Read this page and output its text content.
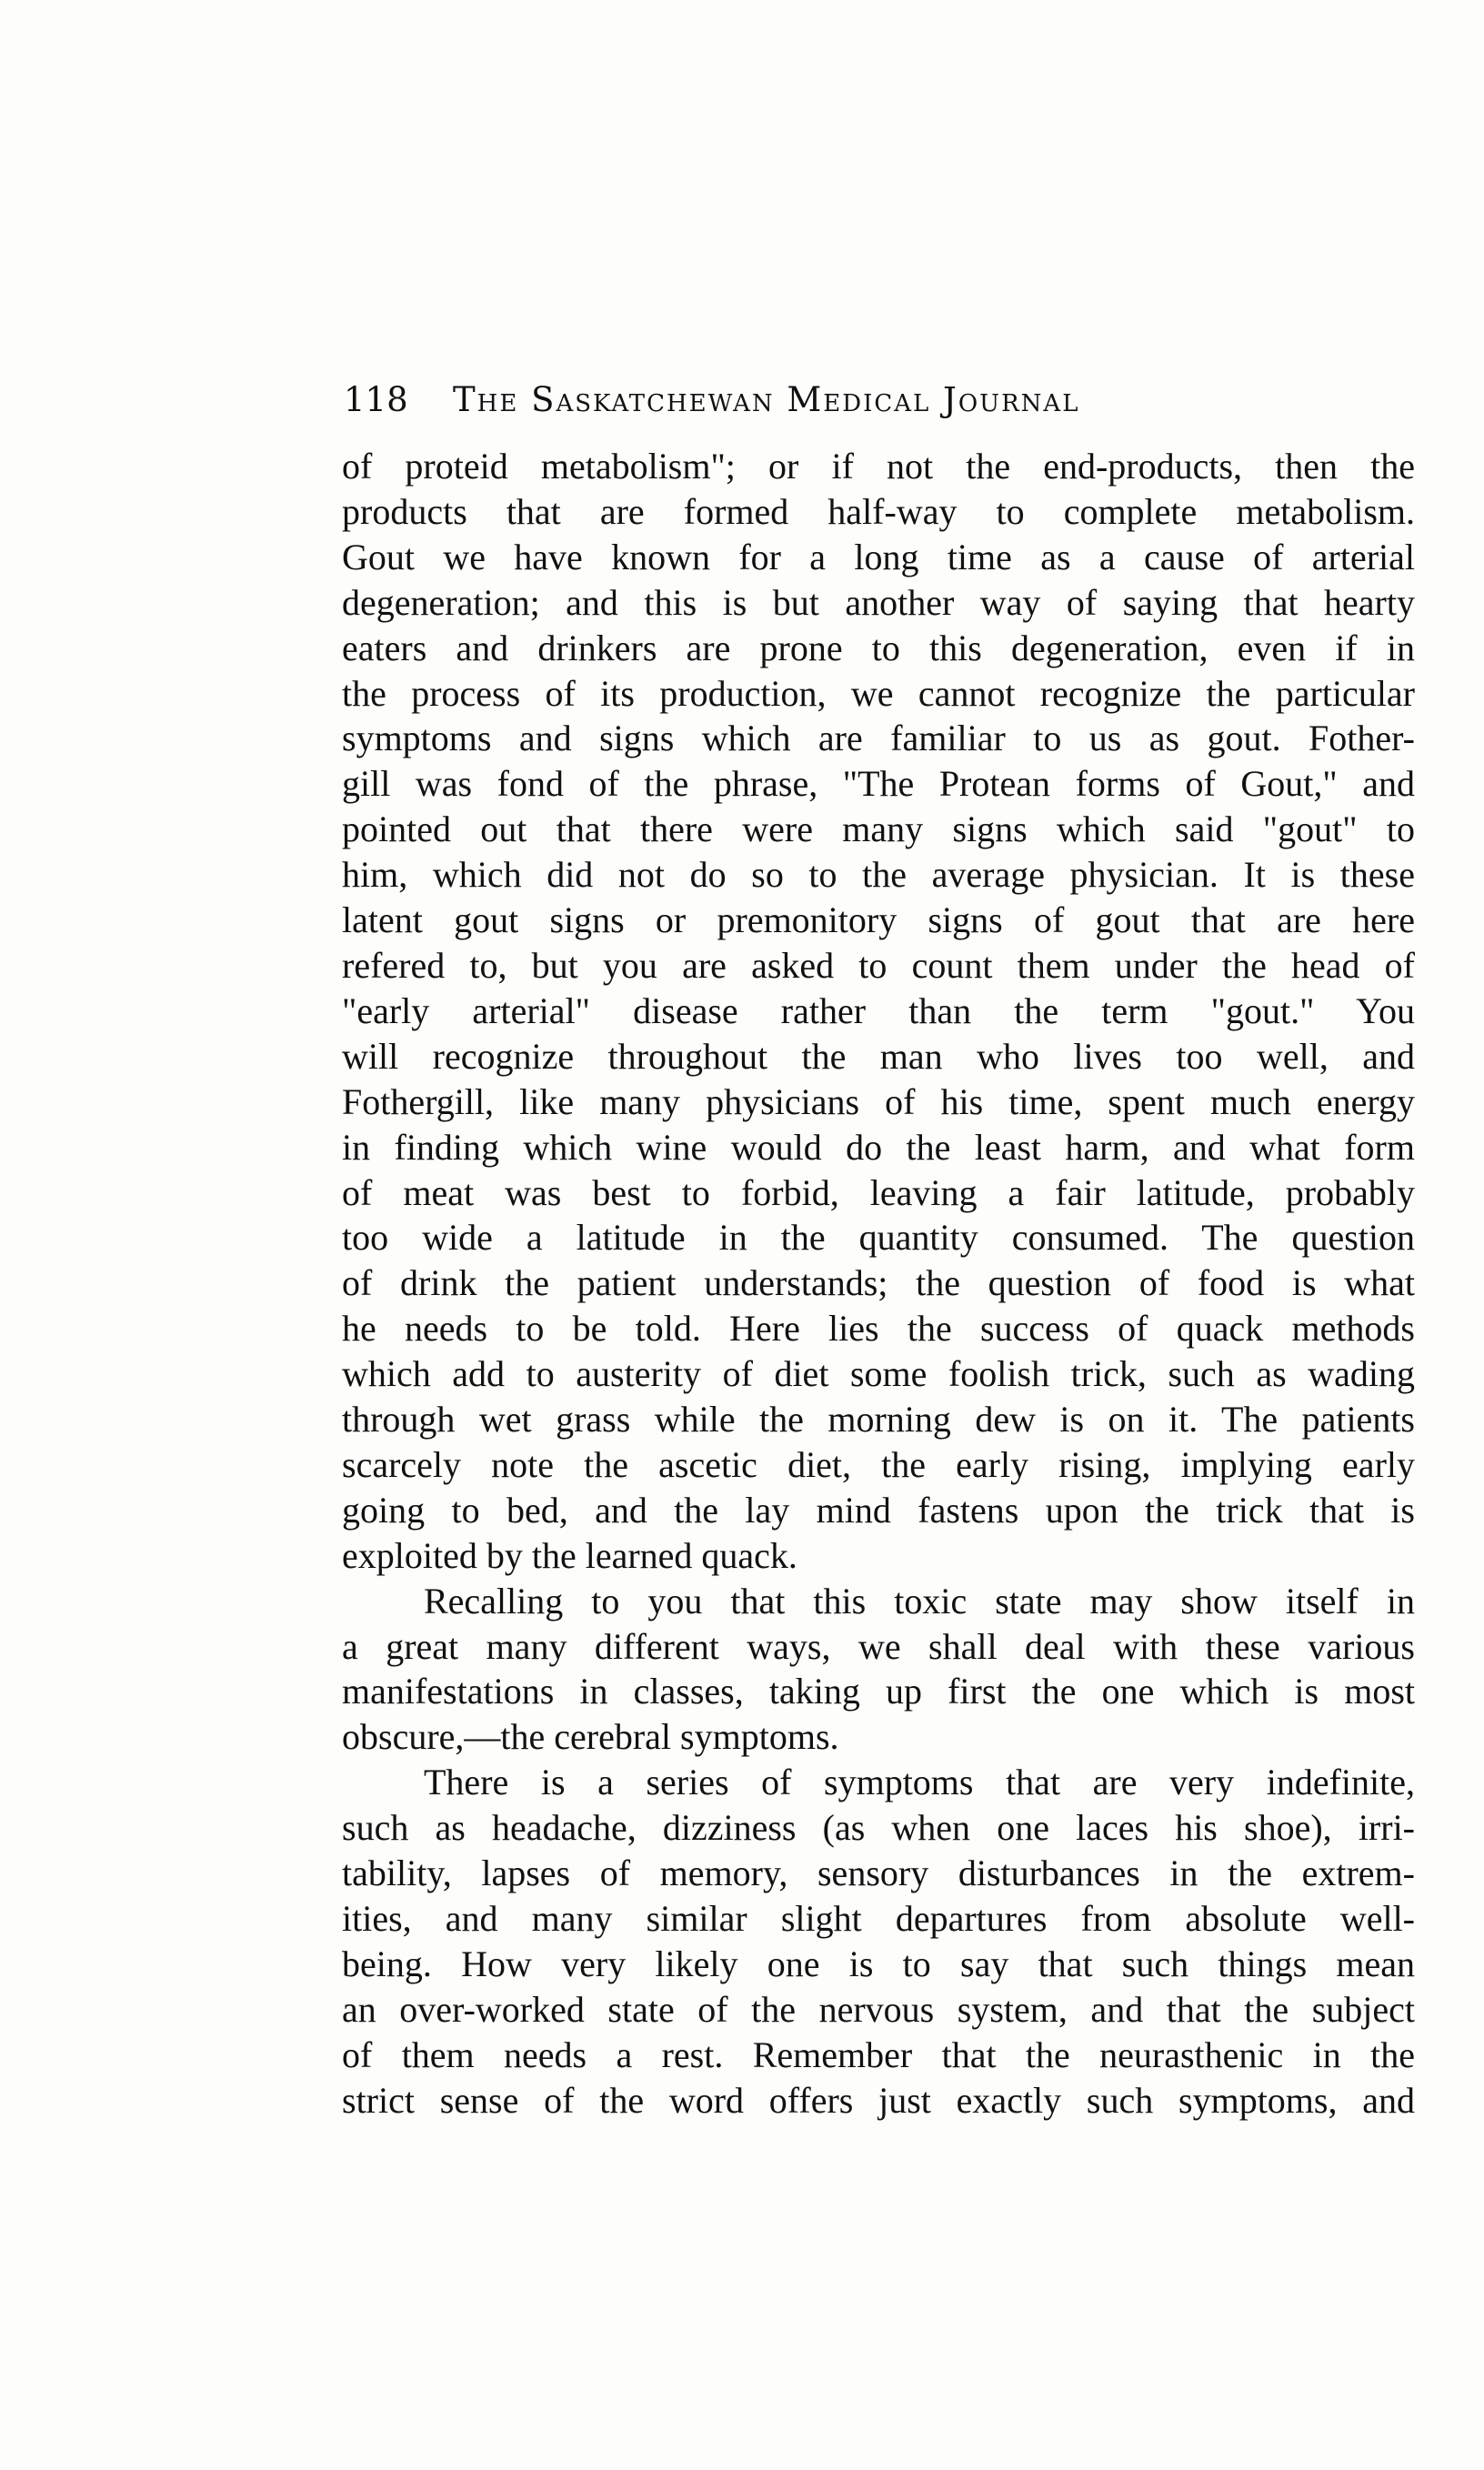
118 The Saskatchewan Medical Journal
of proteid metabolism"; or if not the end-products, then the
products that are formed half-way to complete metabolism.
Gout we have known for a long time as a cause of arterial
degeneration; and this is but another way of saying that hearty
eaters and drinkers are prone to this degeneration, even if in
the process of its production, we cannot recognize the particular
symptoms and signs which are familiar to us as gout. Fother-
gill was fond of the phrase, "The Protean forms of Gout," and
pointed out that there were many signs which said "gout" to
him, which did not do so to the average physician. It is these
latent gout signs or premonitory signs of gout that are here
refered to, but you are asked to count them under the head of
"early arterial" disease rather than the term "gout." You
will recognize throughout the man who lives too well, and
Fothergill, like many physicians of his time, spent much energy
in finding which wine would do the least harm, and what form
of meat was best to forbid, leaving a fair latitude, probably
too wide a latitude in the quantity consumed. The question
of drink the patient understands; the question of food is what
he needs to be told. Here lies the success of quack methods
which add to austerity of diet some foolish trick, such as wading
through wet grass while the morning dew is on it. The patients
scarcely note the ascetic diet, the early rising, implying early
going to bed, and the lay mind fastens upon the trick that is
exploited by the learned quack.
Recalling to you that this toxic state may show itself in
a great many different ways, we shall deal with these various
manifestations in classes, taking up first the one which is most
obscure,—the cerebral symptoms.
There is a series of symptoms that are very indefinite,
such as headache, dizziness (as when one laces his shoe), irri-
tability, lapses of memory, sensory disturbances in the extrem-
ities, and many similar slight departures from absolute well-
being. How very likely one is to say that such things mean
an over-worked state of the nervous system, and that the subject
of them needs a rest. Remember that the neurasthenic in the
strict sense of the word offers just exactly such symptoms, and
